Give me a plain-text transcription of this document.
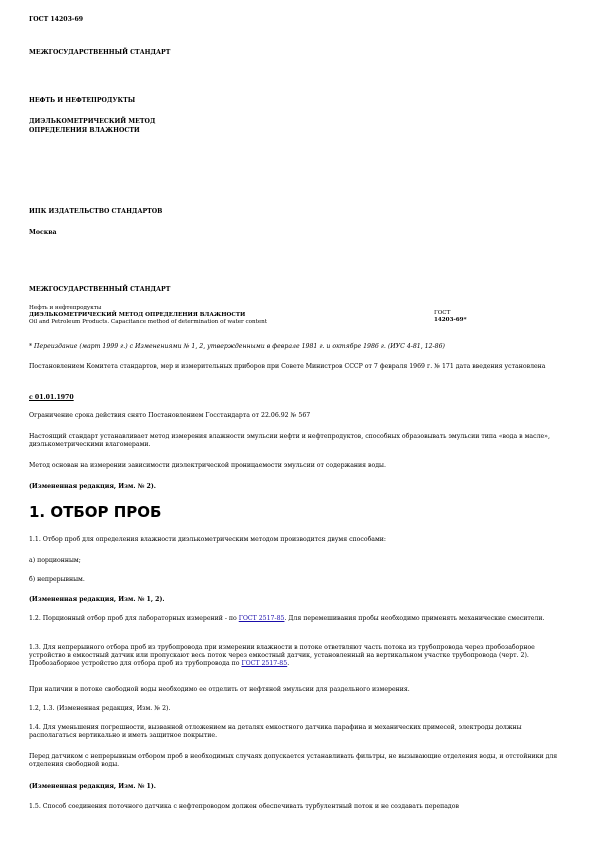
ГОСТ 14203-69
МЕЖГОСУДАРСТВЕННЫЙ СТАНДАРТ
НЕФТЬ И НЕФТЕПРОДУКТЫ
ДИЭЛЬКОМЕТРИЧЕСКИЙ МЕТОД
ОПРЕДЕЛЕНИЯ ВЛАЖНОСТИ
ИПК ИЗДАТЕЛЬСТВО СТАНДАРТОВ
Москва
МЕЖГОСУДАРСТВЕННЫЙ СТАНДАРТ
Нефть и нефтепродукты
ДИЭЛЬКОМЕТРИЧЕСКИЙ МЕТОД ОПРЕДЕЛЕНИЯ ВЛАЖНОСТИ
Oil and Petroleum Products. Capacitance method of determination of water content
ГОСТ
14203-69*
* Переиздание (март 1999 г.) с Изменениями № 1, 2, утвержденными в феврале 1981 г. и октябре 1986 г. (ИУС 4-81, 12-86)
Постановлением Комитета стандартов, мер и измерительных приборов при Совете Министров СССР от 7 февраля 1969 г. № 171 дата введения установлена
с 01.01.1970
Ограничение срока действия снято Постановлением Госстандарта от 22.06.92 № 567
Настоящий стандарт устанавливает метод измерения влажности эмульсии нефти и нефтепродуктов, способных образовывать эмульсии типа «вода в масле», диэлькометрическими влагомерами.
Метод основан на измерении зависимости диэлектрической проницаемости эмульсии от содержания воды.
(Измененная редакция, Изм. № 2).
1. ОТБОР ПРОБ
1.1. Отбор проб для определения влажности диэлькометрическим методом производится двумя способами:
а) порционным;
б) непрерывным.
(Измененная редакция, Изм. № 1, 2).
1.2. Порционный отбор проб для лабораторных измерений - по ГОСТ 2517-85. Для перемешивания пробы необходимо применять механические смесители.
1.3. Для непрерывного отбора проб из трубопровода при измерении влажности в потоке ответвляют часть потока из трубопровода через пробозаборное устройство в емкостный датчик или пропускают весь поток через емкостный датчик, установленный на вертикальном участке трубопровода (черт. 2). Пробозаборное устройство для отбора проб из трубопровода по ГОСТ 2517-85.
При наличии в потоке свободной воды необходимо ее отделить от нефтяной эмульсии для раздельного измерения.
1.2, 1.3. (Измененная редакция, Изм. № 2).
1.4. Для уменьшения погрешности, вызванной отложением на деталях емкостного датчика парафина и механических примесей, электроды должны располагаться вертикально и иметь защитное покрытие.
Перед датчиком с непрерывным отбором проб в необходимых случаях допускается устанавливать фильтры, не вызывающие отделения воды, и отстойники для отделения свободной воды.
(Измененная редакция, Изм. № 1).
1.5. Способ соединения поточного датчика с нефтепроводом должен обеспечивать турбулентный поток и не создавать перепадов
